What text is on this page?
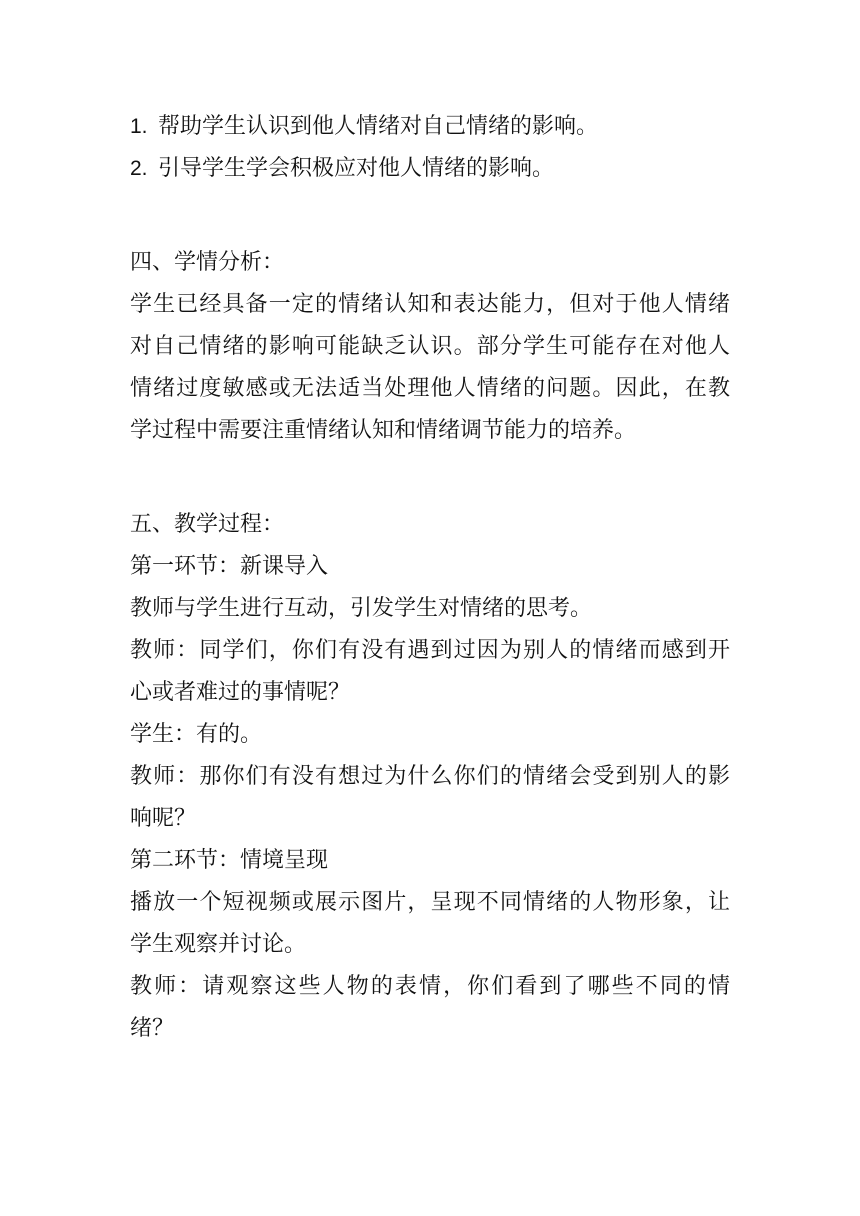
1. 帮助学生认识到他人情绪对自己情绪的影响。
2. 引导学生学会积极应对他人情绪的影响。
四、学情分析：
学生已经具备一定的情绪认知和表达能力，但对于他人情绪
对自己情绪的影响可能缺乏认识。部分学生可能存在对他人
情绪过度敏感或无法适当处理他人情绪的问题。因此，在教
学过程中需要注重情绪认知和情绪调节能力的培养。
五、教学过程：
第一环节：新课导入
教师与学生进行互动，引发学生对情绪的思考。
教师：同学们，你们有没有遇到过因为别人的情绪而感到开
心或者难过的事情呢？
学生：有的。
教师：那你们有没有想过为什么你们的情绪会受到别人的影
响呢？
第二环节：情境呈现
播放一个短视频或展示图片，呈现不同情绪的人物形象，让
学生观察并讨论。
教师：请观察这些人物的表情，你们看到了哪些不同的情
绪？
